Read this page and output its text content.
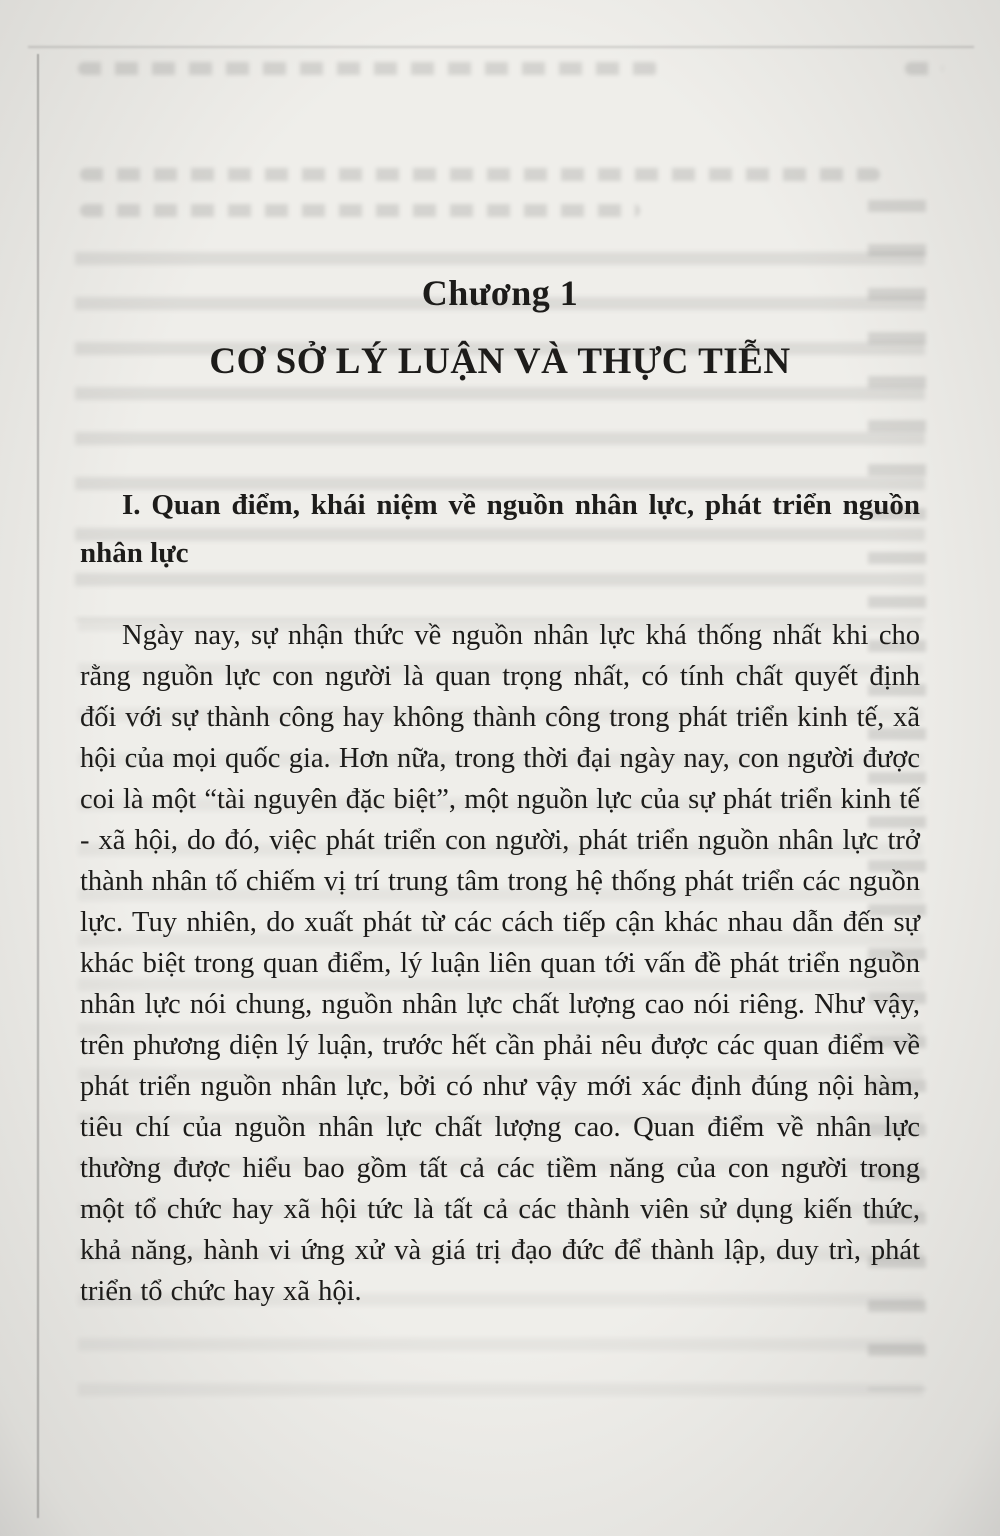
Chương 1
CƠ SỞ LÝ LUẬN VÀ THỰC TIỄN
I. Quan điểm, khái niệm về nguồn nhân lực, phát triển nguồn nhân lực

Ngày nay, sự nhận thức về nguồn nhân lực khá thống nhất khi cho rằng nguồn lực con người là quan trọng nhất, có tính chất quyết định đối với sự thành công hay không thành công trong phát triển kinh tế, xã hội của mọi quốc gia. Hơn nữa, trong thời đại ngày nay, con người được coi là một “tài nguyên đặc biệt”, một nguồn lực của sự phát triển kinh tế - xã hội, do đó, việc phát triển con người, phát triển nguồn nhân lực trở thành nhân tố chiếm vị trí trung tâm trong hệ thống phát triển các nguồn lực. Tuy nhiên, do xuất phát từ các cách tiếp cận khác nhau dẫn đến sự khác biệt trong quan điểm, lý luận liên quan tới vấn đề phát triển nguồn nhân lực nói chung, nguồn nhân lực chất lượng cao nói riêng. Như vậy, trên phương diện lý luận, trước hết cần phải nêu được các quan điểm về phát triển nguồn nhân lực, bởi có như vậy mới xác định đúng nội hàm, tiêu chí của nguồn nhân lực chất lượng cao. Quan điểm về nhân lực thường được hiểu bao gồm tất cả các tiềm năng của con người trong một tổ chức hay xã hội tức là tất cả các thành viên sử dụng kiến thức, khả năng, hành vi ứng xử và giá trị đạo đức để thành lập, duy trì, phát triển tổ chức hay xã hội.
